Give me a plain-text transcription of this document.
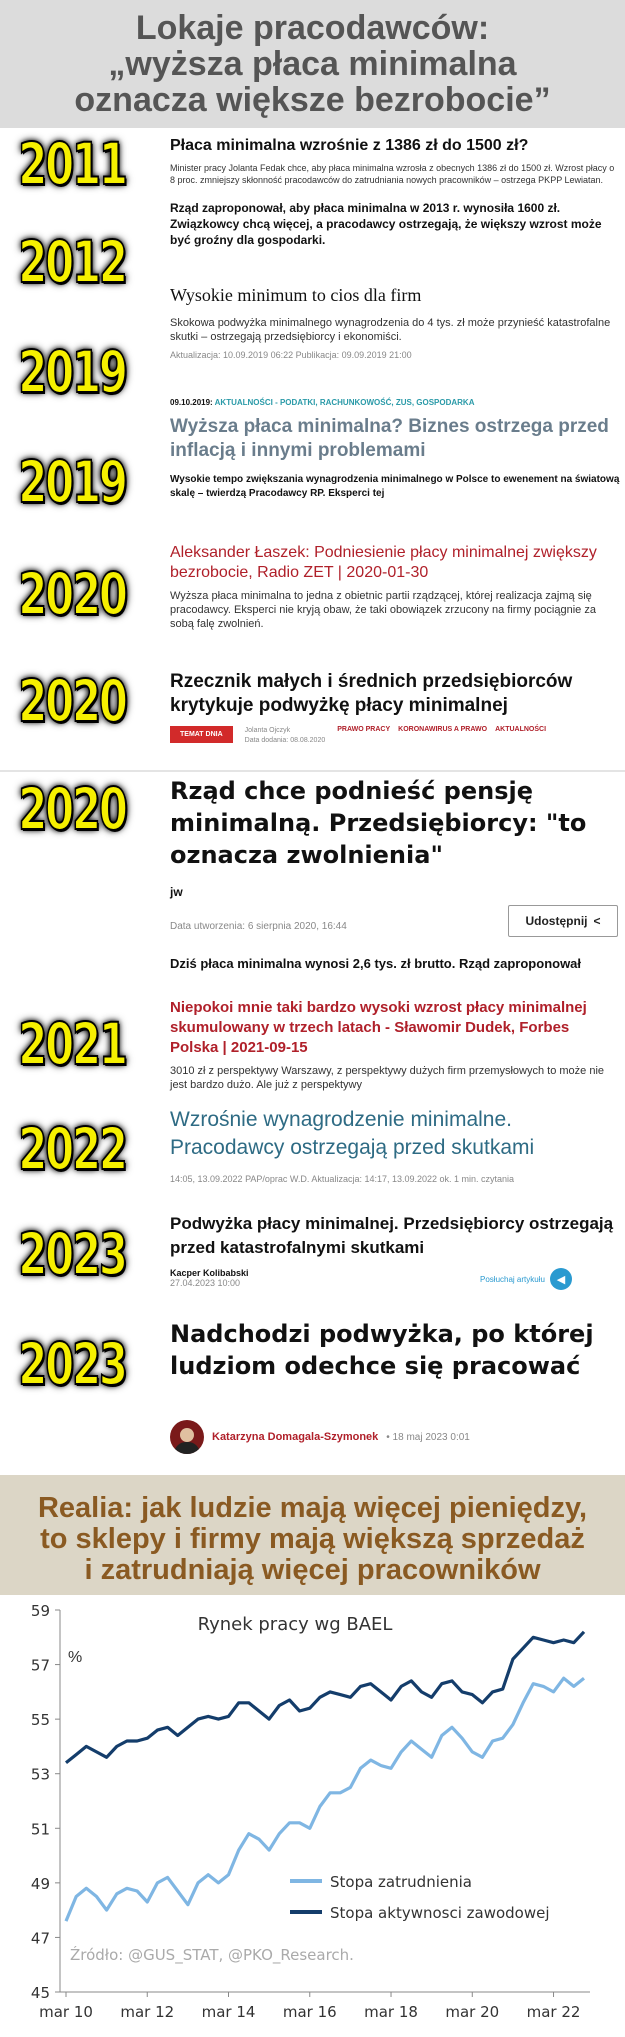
Lokaje pracodawców:
„wyższa płaca minimalna
oznacza większe bezrobocie”
2011
2012
2019
2019
2020
2020
2020
2021
2022
2023
2023
Płaca minimalna wzrośnie z 1386 zł do 1500 zł?
Minister pracy Jolanta Fedak chce, aby płaca minimalna wzrosła z obecnych 1386 zł do 1500 zł. Wzrost płacy o 8 proc. zmniejszy skłonność pracodawców do zatrudniania nowych pracowników – ostrzega PKPP Lewiatan.
Rząd zaproponował, aby płaca minimalna w 2013 r. wynosiła 1600 zł. Związkowcy chcą więcej, a pracodawcy ostrzegają, że większy wzrost może być groźny dla gospodarki.
Wysokie minimum to cios dla firm
Skokowa podwyżka minimalnego wynagrodzenia do 4 tys. zł może przynieść katastrofalne skutki – ostrzegają przedsiębiorcy i ekonomiści.
Aktualizacja: 10.09.2019 06:22 Publikacja: 09.09.2019 21:00
09.10.2019: AKTUALNOŚCI - PODATKI, RACHUNKOWOŚĆ, ZUS, GOSPODARKA
Wyższa płaca minimalna? Biznes ostrzega przed inflacją i innymi problemami
Wysokie tempo zwiększania wynagrodzenia minimalnego w Polsce to ewenement na światową skalę – twierdzą Pracodawcy RP. Eksperci tej
Aleksander Łaszek: Podniesienie płacy minimalnej zwiększy bezrobocie, Radio ZET | 2020-01-30
Wyższa płaca minimalna to jedna z obietnic partii rządzącej, której realizacja zajmą się pracodawcy. Eksperci nie kryją obaw, że taki obowiązek zrzucony na firmy pociągnie za sobą falę zwolnień.
Rzecznik małych i średnich przedsiębiorców krytykuje podwyżkę płacy minimalnej
TEMAT DNIA
Jolanta Ojczyk
Data dodania: 08.08.2020
PRAWO PRACY KORONAWIRUS A PRAWO AKTUALNOŚCI
Rząd chce podnieść pensję minimalną. Przedsiębiorcy: "to oznacza zwolnienia"
jw
Data utworzenia: 6 sierpnia 2020, 16:44
Dziś płaca minimalna wynosi 2,6 tys. zł brutto. Rząd zaproponował
Udostępnij <
Niepokoi mnie taki bardzo wysoki wzrost płacy minimalnej skumulowany w trzech latach - Sławomir Dudek, Forbes Polska | 2021-09-15
3010 zł z perspektywy Warszawy, z perspektywy dużych firm przemysłowych to może nie jest bardzo dużo. Ale już z perspektywy
Wzrośnie wynagrodzenie minimalne. Pracodawcy ostrzegają przed skutkami
14:05, 13.09.2022 PAP/oprac W.D. Aktualizacja: 14:17, 13.09.2022 ok. 1 min. czytania
Podwyżka płacy minimalnej. Przedsiębiorcy ostrzegają przed katastrofalnymi skutkami
Kacper Kolibabski
27.04.2023 10:00	Posłuchaj artykułu	◀
Nadchodzi podwyżka, po której ludziom odechce się pracować
Katarzyna Domagala-Szymonek • 18 maj 2023 0:01
Realia: jak ludzie mają więcej pieniędzy,
to sklepy i firmy mają większą sprzedaż
i zatrudniają więcej pracowników
Rynek pracy wg BAEL
%
Źródło: @GUS_STAT, @PKO_Research.
45
47
49
51
53
55
57
59
mar 10 mar 12 mar 14 mar 16 mar 18 mar 20 mar 22
Stopa zatrudnienia
Stopa aktywnosci zawodowej
